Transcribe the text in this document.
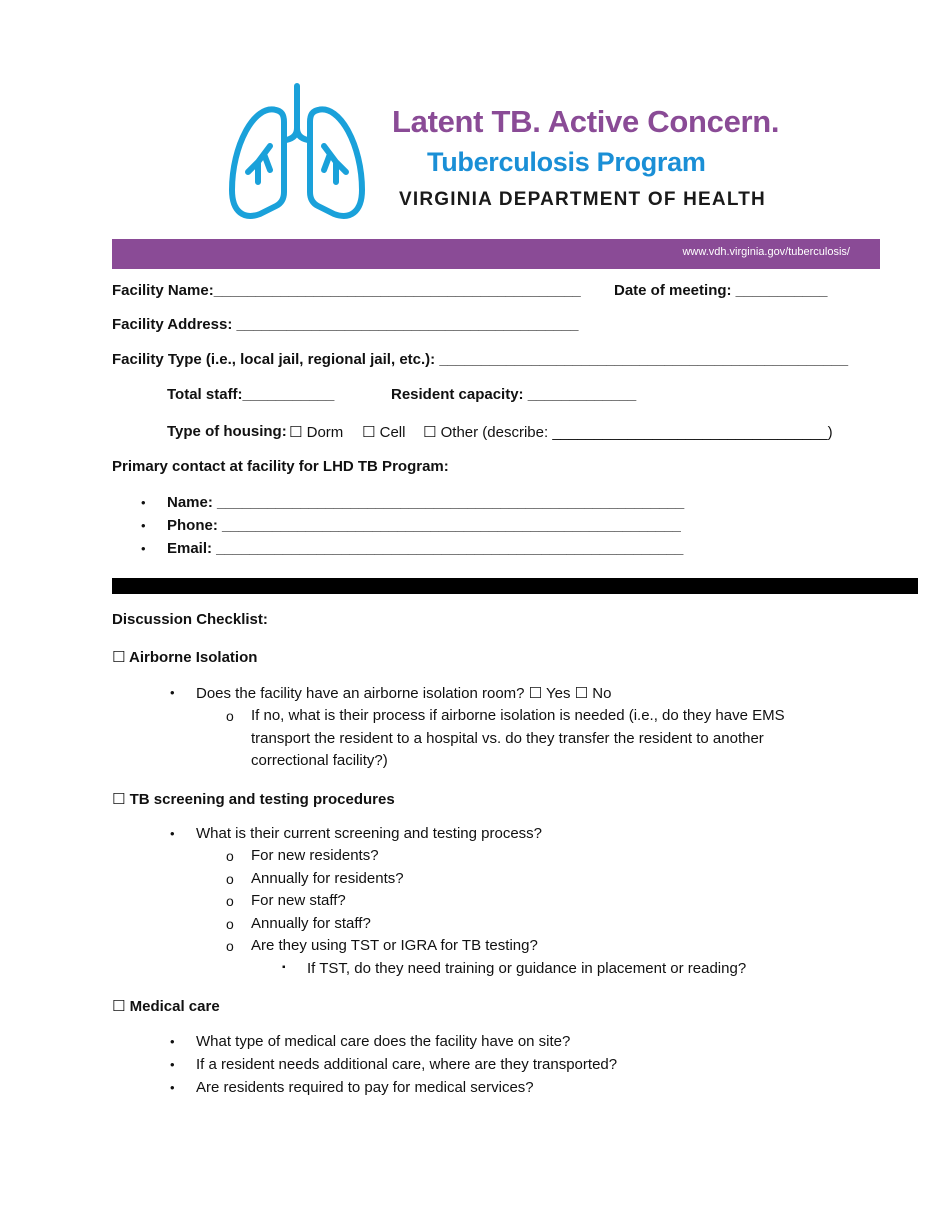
Latent TB. Active Concern.
Tuberculosis Program
VIRGINIA DEPARTMENT OF HEALTH
www.vdh.virginia.gov/tuberculosis/
Facility Name:____________________________________________ Date of meeting: ___________
Facility Address: _________________________________________
Facility Type (i.e., local jail, regional jail, etc.): _________________________________________________
Total staff:___________	Resident capacity: _____________
Type of housing: ☐ Dorm ☐ Cell ☐ Other (describe: _________________________________)
Primary contact at facility for LHD TB Program:
• Name: ________________________________________________________
• Phone: _______________________________________________________
• Email: ________________________________________________________
Discussion Checklist:
☐ Airborne Isolation
• Does the facility have an airborne isolation room? ☐ Yes ☐ No
o If no, what is their process if airborne isolation is needed (i.e., do they have EMS
transport the resident to a hospital vs. do they transfer the resident to another
correctional facility?)
☐ TB screening and testing procedures
• What is their current screening and testing process?
o For new residents?
o Annually for residents?
o For new staff?
o Annually for staff?
o Are they using TST or IGRA for TB testing?
▪ If TST, do they need training or guidance in placement or reading?
☐ Medical care
• What type of medical care does the facility have on site?
• If a resident needs additional care, where are they transported?
• Are residents required to pay for medical services?
